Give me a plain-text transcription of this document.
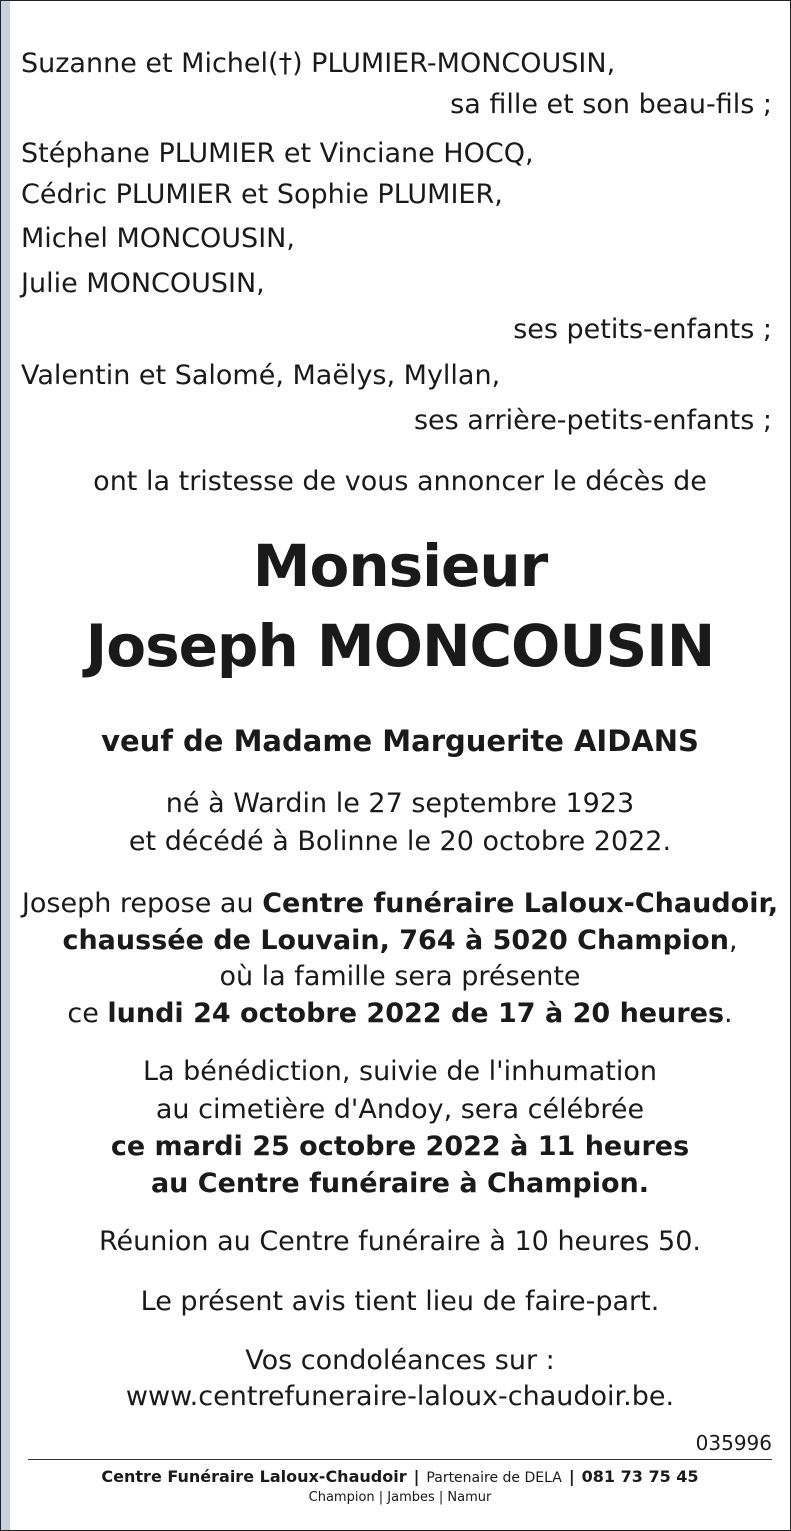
Suzanne et Michel(†) PLUMIER-MONCOUSIN,
sa fille et son beau-fils ;
Stéphane PLUMIER et Vinciane HOCQ,
Cédric PLUMIER et Sophie PLUMIER,
Michel MONCOUSIN,
Julie MONCOUSIN,
ses petits-enfants ;
Valentin et Salomé, Maëlys, Myllan,
ses arrière-petits-enfants ;
ont la tristesse de vous annoncer le décès de
Monsieur
Joseph MONCOUSIN
veuf de Madame Marguerite AIDANS
né à Wardin le 27 septembre 1923
et décédé à Bolinne le 20 octobre 2022.
Joseph repose au Centre funéraire Laloux-Chaudoir,
chaussée de Louvain, 764 à 5020 Champion,
où la famille sera présente
ce lundi 24 octobre 2022 de 17 à 20 heures.
La bénédiction, suivie de l'inhumation
au cimetière d'Andoy, sera célébrée
ce mardi 25 octobre 2022 à 11 heures
au Centre funéraire à Champion.
Réunion au Centre funéraire à 10 heures 50.
Le présent avis tient lieu de faire-part.
Vos condoléances sur :
www.centrefuneraire-laloux-chaudoir.be.
035996
Centre Funéraire Laloux-Chaudoir | Partenaire de DELA | 081 73 75 45
Champion | Jambes | Namur
